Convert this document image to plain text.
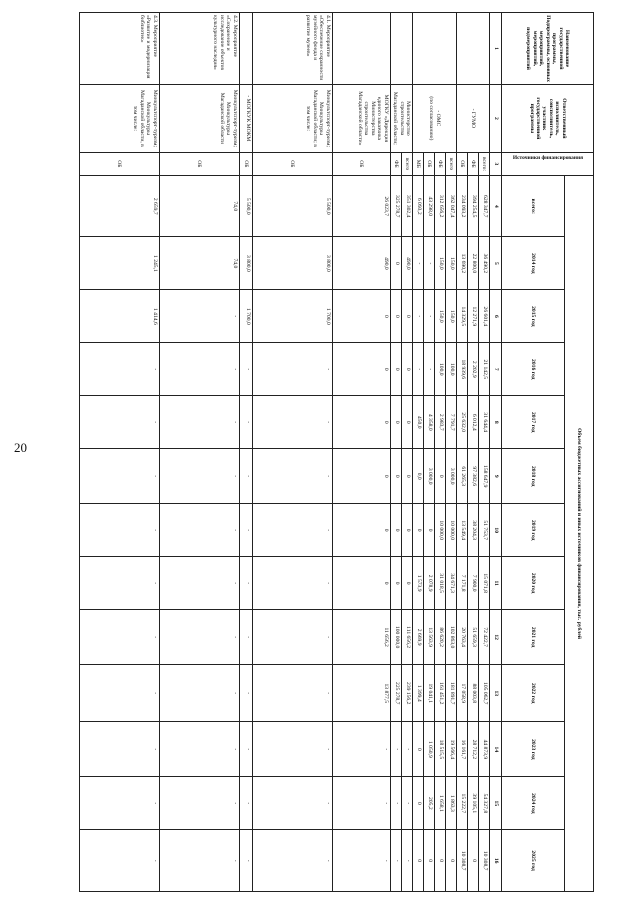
20
Наименование государственной программы, Подпрограммы, основных мероприятий, мероприятий, подмероприятий	Ответственный исполнитель, соисполнитель, участник государственной программы	Источники финансирования	Объем бюджетных ассигнований и иных источников финансирования, тыс. рублей												
			всего:	2014 год	2015 год	2016 год	2017 год	2018 год	2019 год	2020 год	2021 год	2022 год	2023 год	2024 год	2025 год
1	2	3	4	5	6	7	8	9	10	11	12	13	14	15	16

	- ГУМО	всего:	628 347,7	36 490,2	26 601,4	21 142,5	31 644,4	158 647,9	51 753,7	15 071,8	72 422,7	105 062,7	44 873,9	54 327,8	10 308,7
		ФБ	394 254,5	22 800,0	12 271,9	2 202,9	6 012,4	97 382,6	38 204,3	7 900,0	51 659,3	88 003,8	28 712,2	39 105,1	0
		ОБ	234 093,2	13 690,2	14 329,5	18 939,6	25 632,0	61 265,3	13 549,4	7 171,8	20 763,4	17 058,9	16 161,7	15 222,7	10 308,7

	- ОМС
(по согласованию)	всего	362 047,4	150,0	150,0	100,0	7 791,7	3 000,0	10 000,0	34 671,3	102 863,0	181 891,7	19 566,4	1 863,3	0
		ФБ	312 656,2	150,0	150,0	100,0	2 983,7	0	10 000,0	31 018,5	86 620,2	161 451,2	18 515,5	1 658,1	0
		ОБ	43 298,0	-	-	-	4 358,0	3 000,0	0	2 078,9	13 563,9	19 041,1	1 050,9	205,2	0
		МБ	6 093,2	-	-	-	450,0	0,0	0	1 573,9	2 669,9	1 399,4	0	0	0

	Министерство строительства Магаданской области;	всего	351 302,4	490,0	0	0	0	0	0	0	111 656,2	239 156,2	-	-	-
		ФБ	325 278,7	0	0	0	0	0	0	0	100 000,0	225 278,7	-	-	-
	МОГКУ «Дирекция единого заказчика Министерства строительства Магаданской области»	ОБ	26 023,7	490,0	0	0	0	0	0	0	11 656,2	13 877,5	-	-	-
4.1. Мероприятие «Обеспечение сохранности музейного фонда и развитие музеев»	Минкультспорт-туризм; Минкультуры Магаданской области; в том числе:	ОБ	5 500,0	3 800,0	1 700,0	-	-	-	-	-	-	-	-	-	-
	- МОГКУК МОКМ	ОБ	5 500,0	3 800,0	1 700,0	-	-	-	-	-	-	-	-	-	-
4.2. Мероприятие «Сохранение и исследование объектов культурного наследия»	Минкультспорт-туризм; Минкультуры Магаданской области	ОБ	74,0	74,0	-	-	-	-	-	-	-	-	-	-	-
4.3. Мероприятие «Развитие и модернизация библиотек»	Минкультспорт-туризм; Минкультуры Магаданской области, в том числе:	ОБ	2 659,7	1 245,1	1 414,6	-	-	-	-	-	-	-	-	-	-
